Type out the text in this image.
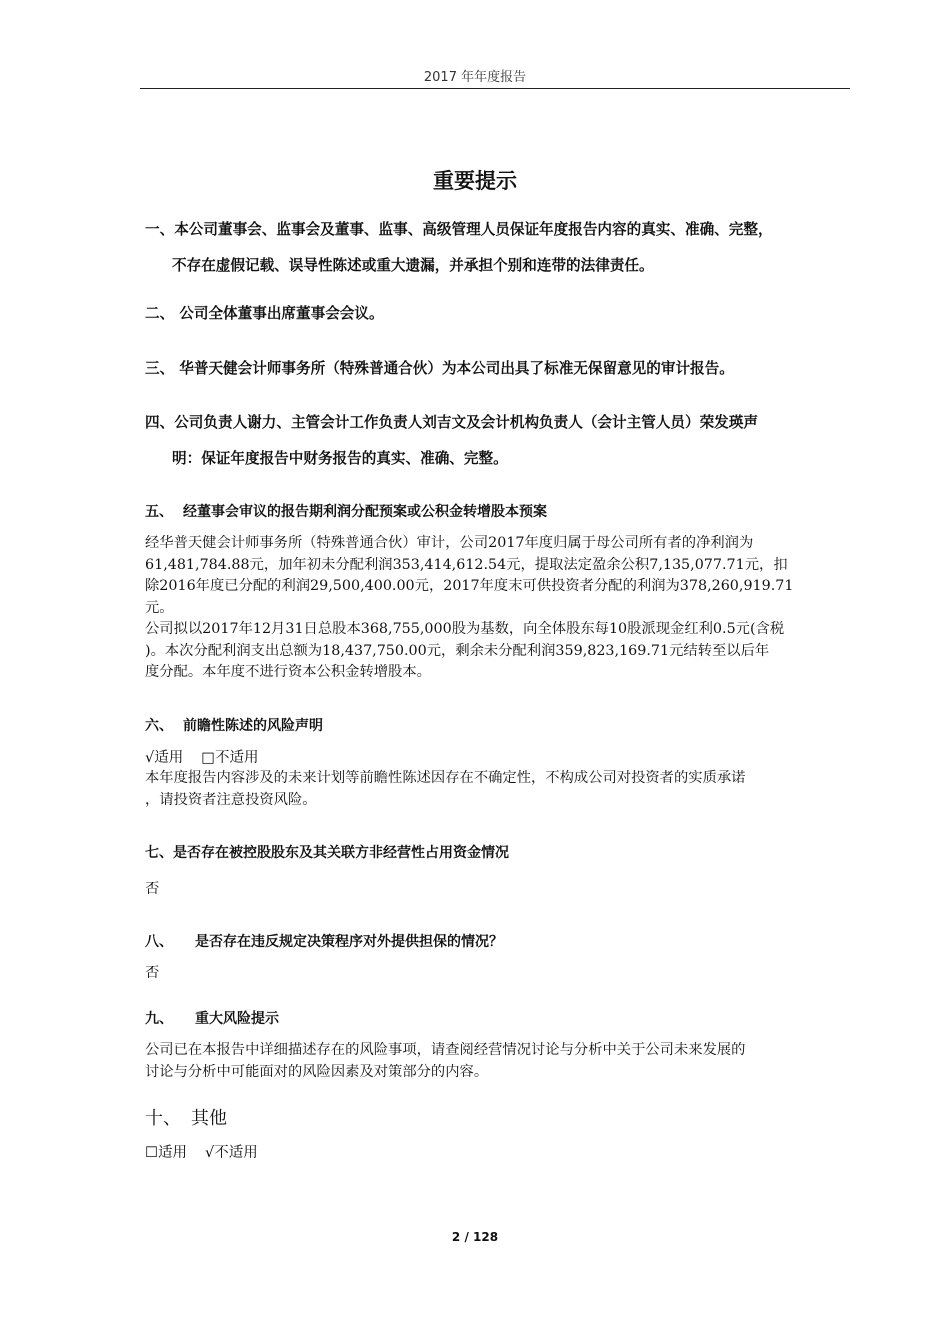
2017 年年度报告
重要提示
一、本公司董事会、监事会及董事、监事、高级管理人员保证年度报告内容的真实、准确、完整，
不存在虚假记载、误导性陈述或重大遗漏，并承担个别和连带的法律责任。
二、 公司全体董事出席董事会会议。
三、 华普天健会计师事务所（特殊普通合伙）为本公司出具了标准无保留意见的审计报告。
四、公司负责人谢力、主管会计工作负责人刘吉文及会计机构负责人（会计主管人员）荣发瑛声
明：保证年度报告中财务报告的真实、准确、完整。
五、 经董事会审议的报告期利润分配预案或公积金转增股本预案
经华普天健会计师事务所（特殊普通合伙）审计，公司2017年度归属于母公司所有者的净利润为
61,481,784.88元，加年初未分配利润353,414,612.54元，提取法定盈余公积7,135,077.71元，扣
除2016年度已分配的利润29,500,400.00元，2017年度末可供投资者分配的利润为378,260,919.71
元。
公司拟以2017年12月31日总股本368,755,000股为基数，向全体股东每10股派现金红利0.5元(含税
)。本次分配利润支出总额为18,437,750.00元，剩余未分配利润359,823,169.71元结转至以后年
度分配。本年度不进行资本公积金转增股本。
六、 前瞻性陈述的风险声明
√适用 □不适用
本年度报告内容涉及的未来计划等前瞻性陈述因存在不确定性，不构成公司对投资者的实质承诺
，请投资者注意投资风险。
七、是否存在被控股股东及其关联方非经营性占用资金情况
否
八、 是否存在违反规定决策程序对外提供担保的情况？
否
九、 重大风险提示
公司已在本报告中详细描述存在的风险事项，请查阅经营情况讨论与分析中关于公司未来发展的
讨论与分析中可能面对的风险因素及对策部分的内容。
十、 其他
☐适用 √不适用
2 / 128
